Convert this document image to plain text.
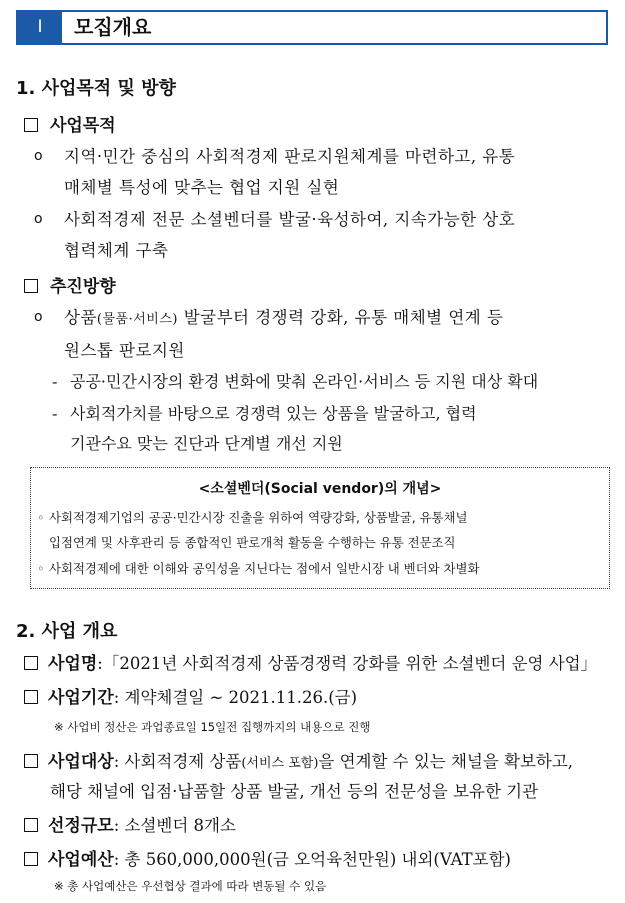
Ⅰ	모집개요
1. 사업목적 및 방향
사업목적
o 지역·민간 중심의 사회적경제 판로지원체계를 마련하고, 유통
매체별 특성에 맞추는 협업 지원 실현
o 사회적경제 전문 소셜벤더를 발굴·육성하여, 지속가능한 상호
협력체계 구축
추진방향
o 상품(물품·서비스) 발굴부터 경쟁력 강화, 유통 매체별 연계 등
원스톱 판로지원
- 공공·민간시장의 환경 변화에 맞춰 온라인·서비스 등 지원 대상 확대
- 사회적가치를 바탕으로 경쟁력 있는 상품을 발굴하고, 협력
기관수요 맞는 진단과 단계별 개선 지원
<소셜벤더(Social vendor)의 개념>
◦ 사회적경제기업의 공공·민간시장 진출을 위하여 역량강화, 상품발굴, 유통채널
입점연계 및 사후관리 등 종합적인 판로개척 활동을 수행하는 유통 전문조직
◦ 사회적경제에 대한 이해와 공익성을 지닌다는 점에서 일반시장 내 벤더와 차별화
2. 사업 개요
사업명:「2021년 사회적경제 상품경쟁력 강화를 위한 소셜벤더 운영 사업」
사업기간: 계약체결일 ~ 2021.11.26.(금)
※ 사업비 정산은 과업종료일 15일전 집행까지의 내용으로 진행
사업대상: 사회적경제 상품(서비스 포함)을 연계할 수 있는 채널을 확보하고,
해당 채널에 입점·납품할 상품 발굴, 개선 등의 전문성을 보유한 기관
선정규모: 소셜벤더 8개소
사업예산: 총 560,000,000원(금 오억육천만원) 내외(VAT포함)
※ 총 사업예산은 우선협상 결과에 따라 변동될 수 있음
